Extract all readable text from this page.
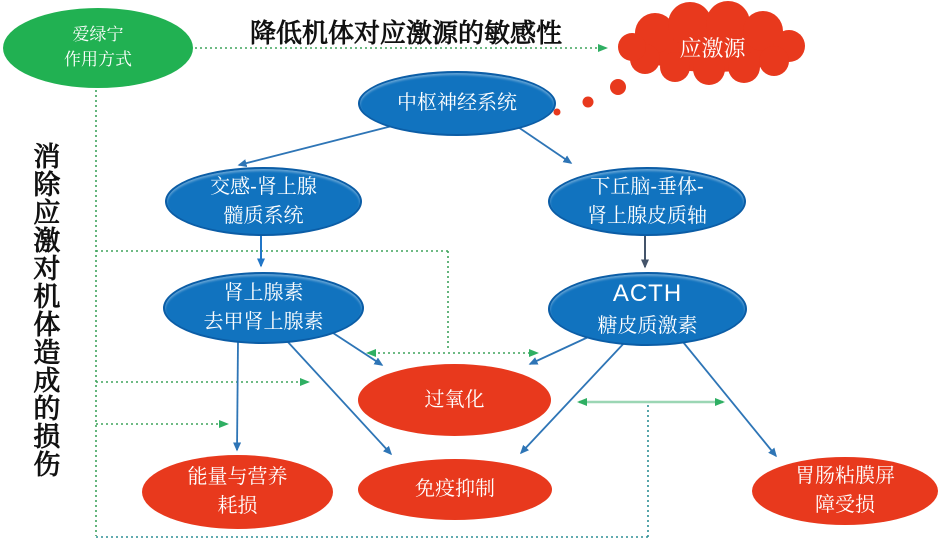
降低机体对应激源的敏感性
消除应激对机体造成的损伤
应激源
爱绿宁
作用方式
中枢神经系统
交感-肾上腺
髓质系统
下丘脑-垂体-
肾上腺皮质轴
肾上腺素
去甲肾上腺素
ACTH
糖皮质激素
过氧化
能量与营养
耗损
免疫抑制
胃肠粘膜屏
障受损
